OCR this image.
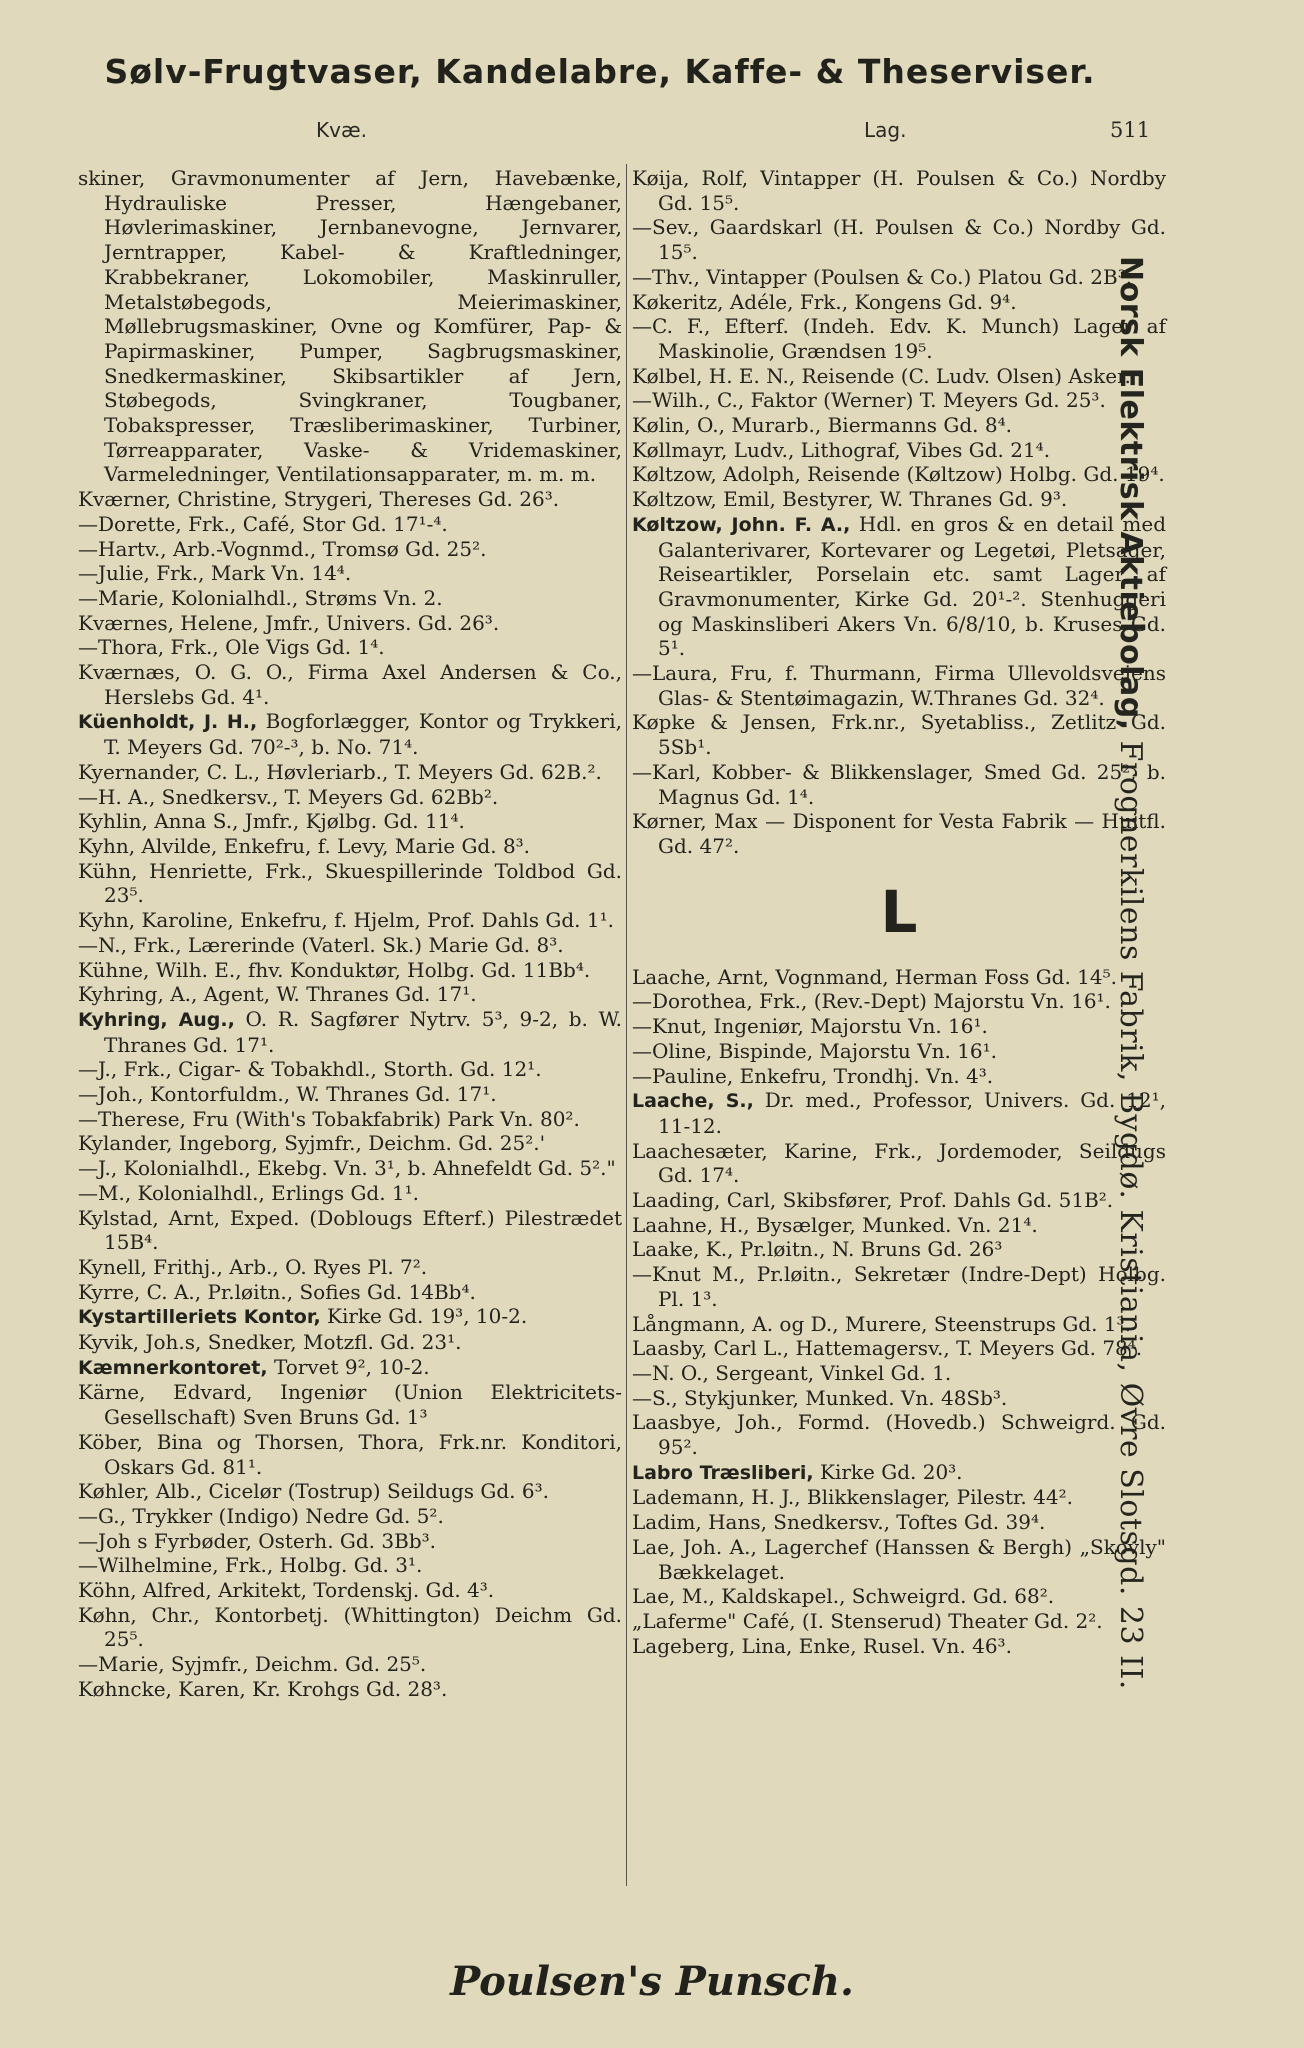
Sølv-Frugtvaser, Kandelabre, Kaffe- & Theserviser.
Kvæ.	Lag.	511
skiner, Gravmonumenter af Jern, Havebænke, Hydrauliske Presser, Hængebaner, Høvlerimaskiner, Jernbanevogne, Jernvarer, Jerntrapper, Kabel- & Kraftledninger, Krabbekraner, Lokomobiler, Maskinruller, Metalstøbegods, Meierimaskiner, Møllebrugsmaskiner, Ovne og Komfürer, Pap- & Papirmaskiner, Pumper, Sagbrugsmaskiner, Snedkermaskiner, Skibsartikler af Jern, Støbegods, Svingkraner, Tougbaner, Tobakspresser, Træsliberimaskiner, Turbiner, Tørreapparater, Vaske- & Vridemaskiner, Varmeledninger, Ventilationsapparater, m. m. m.
Kværner, Christine, Strygeri, Thereses Gd. 26³.
—Dorette, Frk., Café, Stor Gd. 17¹-⁴.
—Hartv., Arb.-Vognmd., Tromsø Gd. 25².
—Julie, Frk., Mark Vn. 14⁴.
—Marie, Kolonialhdl., Strøms Vn. 2.
Kværnes, Helene, Jmfr., Univers. Gd. 26³.
—Thora, Frk., Ole Vigs Gd. 1⁴.
Kværnæs, O. G. O., Firma Axel Andersen & Co., Herslebs Gd. 4¹.
Küenholdt, J. H., Bogforlægger, Kontor og Trykkeri, T. Meyers Gd. 70²-³, b. No. 71⁴.
Kyernander, C. L., Høvleriarb., T. Meyers Gd. 62B.².
—H. A., Snedkersv., T. Meyers Gd. 62Bb².
Kyhlin, Anna S., Jmfr., Kjølbg. Gd. 11⁴.
Kyhn, Alvilde, Enkefru, f. Levy, Marie Gd. 8³.
Kühn, Henriette, Frk., Skuespillerinde Toldbod Gd. 23⁵.
Kyhn, Karoline, Enkefru, f. Hjelm, Prof. Dahls Gd. 1¹.
—N., Frk., Lærerinde (Vaterl. Sk.) Marie Gd. 8³.
Kühne, Wilh. E., fhv. Konduktør, Holbg. Gd. 11Bb⁴.
Kyhring, A., Agent, W. Thranes Gd. 17¹.
Kyhring, Aug., O. R. Sagfører Nytrv. 5³, 9-2, b. W. Thranes Gd. 17¹.
—J., Frk., Cigar- & Tobakhdl., Storth. Gd. 12¹.
—Joh., Kontorfuldm., W. Thranes Gd. 17¹.
—Therese, Fru (With's Tobakfabrik) Park Vn. 80².
Kylander, Ingeborg, Syjmfr., Deichm. Gd. 25².'
—J., Kolonialhdl., Ekebg. Vn. 3¹, b. Ahnefeldt Gd. 5²."
—M., Kolonialhdl., Erlings Gd. 1¹.
Kylstad, Arnt, Exped. (Doblougs Efterf.) Pilestrædet 15B⁴.
Kynell, Frithj., Arb., O. Ryes Pl. 7².
Kyrre, C. A., Pr.løitn., Sofies Gd. 14Bb⁴.
Kystartilleriets Kontor, Kirke Gd. 19³, 10-2.
Kyvik, Joh.s, Snedker, Motzfl. Gd. 23¹.
Kæmnerkontoret, Torvet 9², 10-2.
Kärne, Edvard, Ingeniør (Union Elektricitets-Gesellschaft) Sven Bruns Gd. 1³
Köber, Bina og Thorsen, Thora, Frk.nr. Konditori, Oskars Gd. 81¹.
Køhler, Alb., Cicelør (Tostrup) Seildugs Gd. 6³.
—G., Trykker (Indigo) Nedre Gd. 5².
—Joh s Fyrbøder, Osterh. Gd. 3Bb³.
—Wilhelmine, Frk., Holbg. Gd. 3¹.
Köhn, Alfred, Arkitekt, Tordenskj. Gd. 4³.
Køhn, Chr., Kontorbetj. (Whittington) Deichm Gd. 25⁵.
—Marie, Syjmfr., Deichm. Gd. 25⁵.
Køhncke, Karen, Kr. Krohgs Gd. 28³.
Køija, Rolf, Vintapper (H. Poulsen & Co.) Nordby Gd. 15⁵.
—Sev., Gaardskarl (H. Poulsen & Co.) Nordby Gd. 15⁵.
—Thv., Vintapper (Poulsen & Co.) Platou Gd. 2B³.
Køkeritz, Adéle, Frk., Kongens Gd. 9⁴.
—C. F., Efterf. (Indeh. Edv. K. Munch) Lager af Maskinolie, Grændsen 19⁵.
Kølbel, H. E. N., Reisende (C. Ludv. Olsen) Asker.
—Wilh., C., Faktor (Werner) T. Meyers Gd. 25³.
Kølin, O., Murarb., Biermanns Gd. 8⁴.
Køllmayr, Ludv., Lithograf, Vibes Gd. 21⁴.
Køltzow, Adolph, Reisende (Køltzow) Holbg. Gd. 19⁴.
Køltzow, Emil, Bestyrer, W. Thranes Gd. 9³.
Køltzow, John. F. A., Hdl. en gros & en detail med Galanterivarer, Kortevarer og Legetøi, Pletsager, Reiseartikler, Porselain etc. samt Lager af Gravmonumenter, Kirke Gd. 20¹-². Stenhuggeri og Maskinsliberi Akers Vn. 6/8/10, b. Kruses Gd. 5¹.
—Laura, Fru, f. Thurmann, Firma Ullevoldsveiens Glas- & Stentøimagazin, W.Thranes Gd. 32⁴.
Køpke & Jensen, Frk.nr., Syetabliss., Zetlitz Gd. 5Sb¹.
—Karl, Kobber- & Blikkenslager, Smed Gd. 25², b. Magnus Gd. 1⁴.
Kørner, Max — Disponent for Vesta Fabrik — Huitfl. Gd. 47².
L
Laache, Arnt, Vognmand, Herman Foss Gd. 14⁵.
—Dorothea, Frk., (Rev.-Dept) Majorstu Vn. 16¹.
—Knut, Ingeniør, Majorstu Vn. 16¹.
—Oline, Bispinde, Majorstu Vn. 16¹.
—Pauline, Enkefru, Trondhj. Vn. 4³.
Laache, S., Dr. med., Professor, Univers. Gd. 12¹, 11-12.
Laachesæter, Karine, Frk., Jordemoder, Seildugs Gd. 17⁴.
Laading, Carl, Skibsfører, Prof. Dahls Gd. 51B².
Laahne, H., Bysælger, Munked. Vn. 21⁴.
Laake, K., Pr.løitn., N. Bruns Gd. 26³
—Knut M., Pr.løitn., Sekretær (Indre-Dept) Holbg. Pl. 1³.
Långmann, A. og D., Murere, Steenstrups Gd. 1³.
Laasby, Carl L., Hattemagersv., T. Meyers Gd. 78⁴.
—N. O., Sergeant, Vinkel Gd. 1.
—S., Stykjunker, Munked. Vn. 48Sb³.
Laasbye, Joh., Formd. (Hovedb.) Schweigrd. Gd. 95².
Labro Træsliberi, Kirke Gd. 20³.
Lademann, H. J., Blikkenslager, Pilestr. 44².
Ladim, Hans, Snedkersv., Toftes Gd. 39⁴.
Lae, Joh. A., Lagerchef (Hanssen & Bergh) „Skovly" Bækkelaget.
Lae, M., Kaldskapel., Schweigrd. Gd. 68².
„Laferme" Café, (I. Stenserud) Theater Gd. 2².
Lageberg, Lina, Enke, Rusel. Vn. 46³.
Norsk Elektrisk Aktiebolag, Frognerkilens Fabrik, Bygdø. Kristiania, Øvre Slotsgd. 23 II.
Poulsen's Punsch.
